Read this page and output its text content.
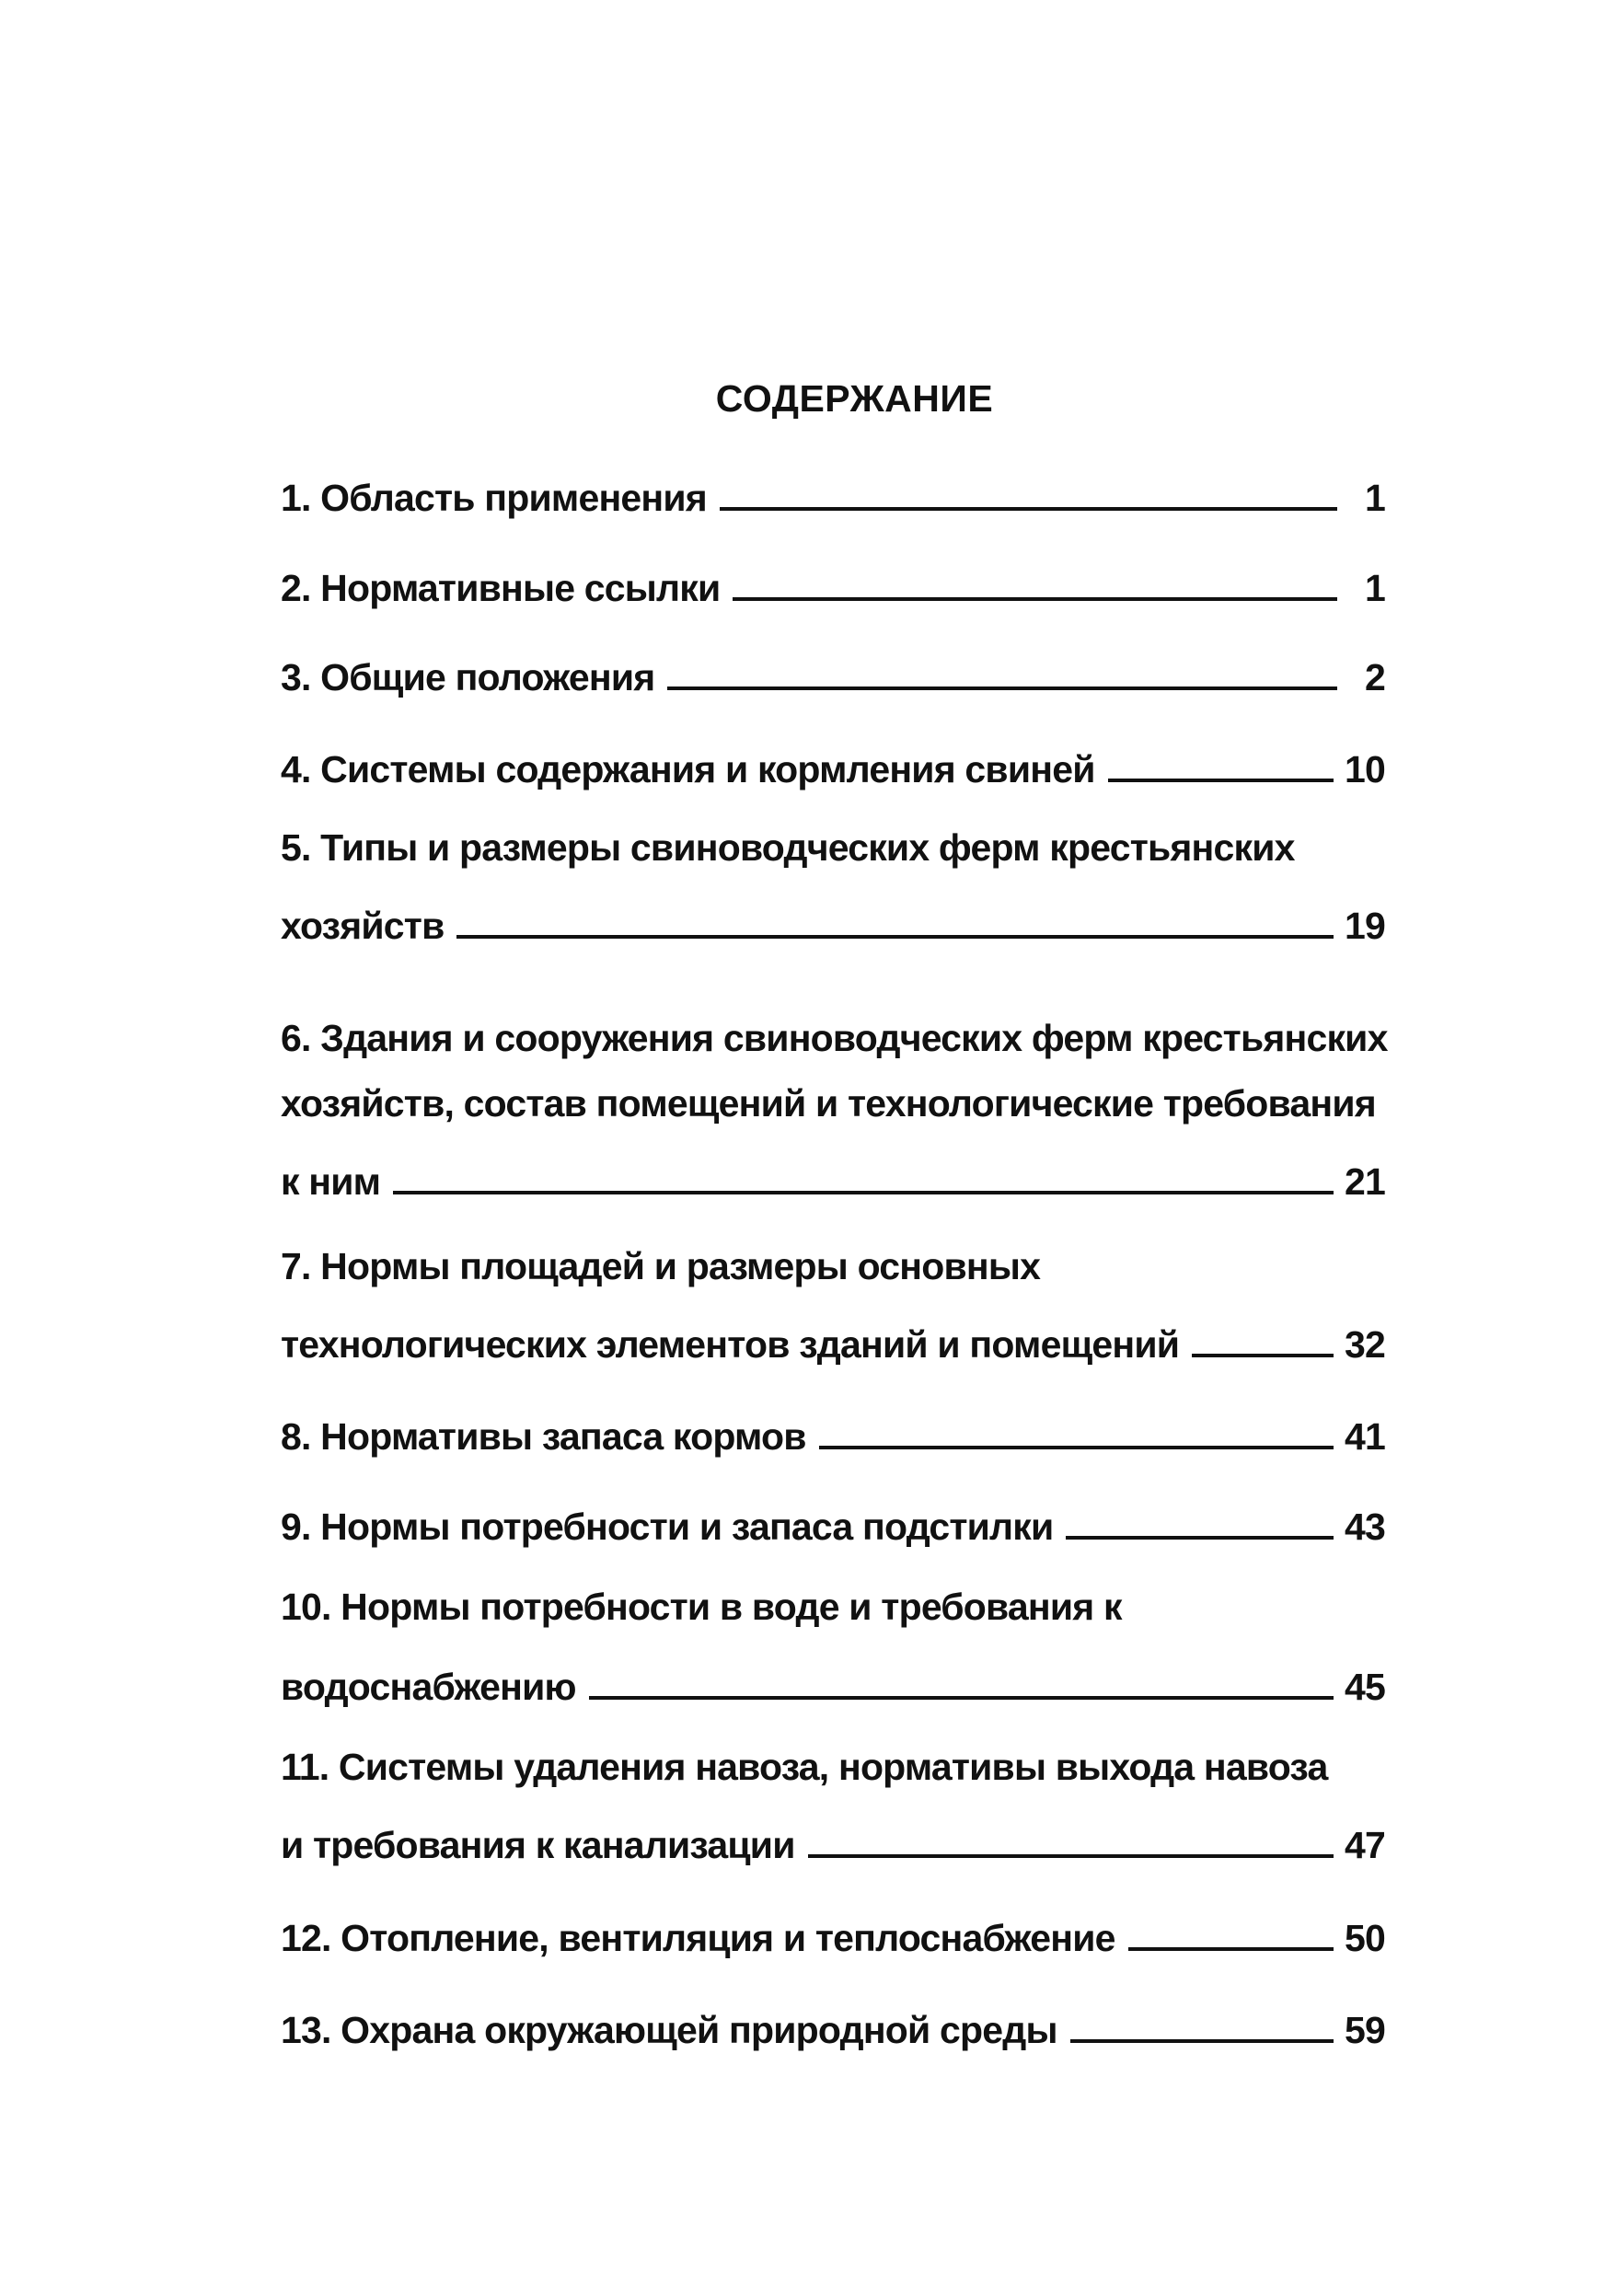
СОДЕРЖАНИЕ
1. Область применения	1
2. Нормативные ссылки	1
3. Общие положения	2
4. Системы содержания и кормления свиней	10
5. Типы и размеры свиноводческих ферм крестьянских
хозяйств	19
6. Здания и сооружения свиноводческих ферм крестьянских
хозяйств, состав помещений и технологические требования
к ним	21
7. Нормы площадей и размеры основных
технологических элементов зданий и помещений	32
8. Нормативы запаса кормов	41
9. Нормы потребности и запаса подстилки	43
10. Нормы потребности в воде и требования к
водоснабжению	45
11. Системы удаления навоза, нормативы выхода навоза
и требования к канализации	47
12. Отопление, вентиляция и теплоснабжение	50
13. Охрана окружающей природной среды	59
